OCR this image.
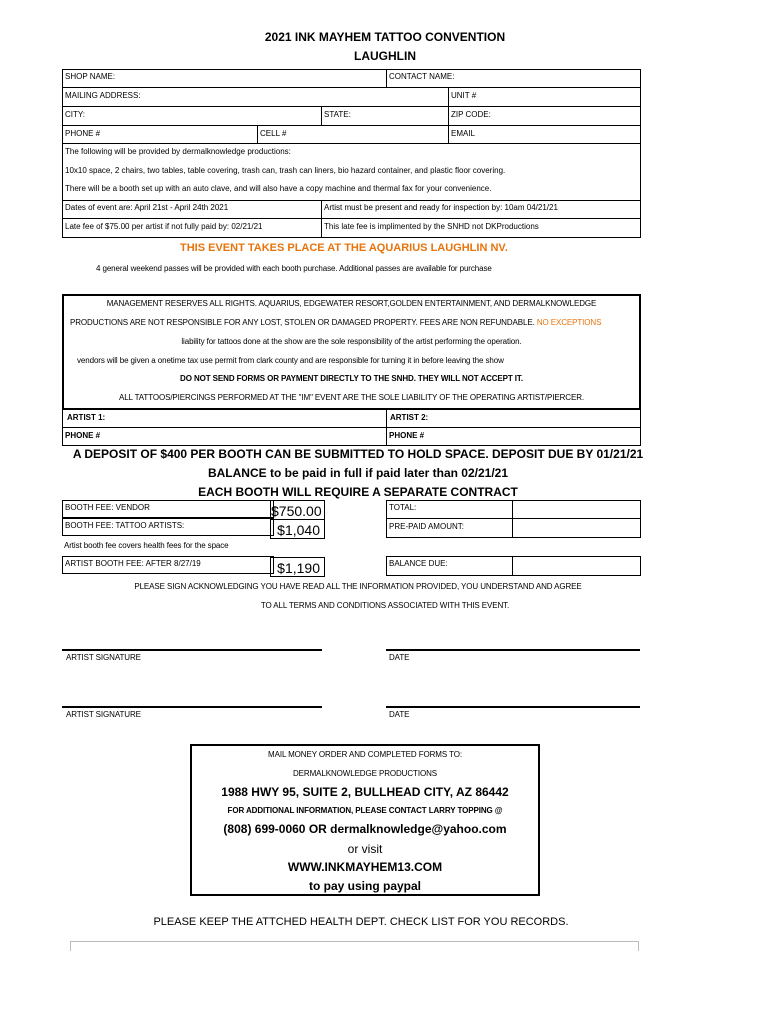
2021 INK MAYHEM TATTOO CONVENTION
LAUGHLIN
SHOP NAME:	CONTACT NAME:
MAILING ADDRESS:	UNIT #
CITY:	STATE:	ZIP CODE:
PHONE #	CELL #	EMAIL
The following will be provided by dermalknowledge productions:
10x10 space, 2 chairs, two tables, table covering, trash can, trash can liners, bio hazard container, and plastic floor covering.
There will be a booth set up with an auto clave, and will also have a copy machine and thermal fax for your convenience.
Dates of event are: April 21st - April 24th 2021	Artist must be present and ready for inspection by: 10am 04/21/21
Late fee of $75.00 per artist if not fully paid by: 02/21/21	This late fee is implimented by the SNHD not DKProductions
THIS EVENT TAKES PLACE AT THE AQUARIUS LAUGHLIN NV.
4 general weekend passes will be provided with each booth purchase. Additional passes are available for purchase
MANAGEMENT RESERVES ALL RIGHTS. AQUARIUS, EDGEWATER RESORT,GOLDEN ENTERTAINMENT, AND DERMALKNOWLEDGE
PRODUCTIONS ARE NOT RESPONSIBLE FOR ANY LOST, STOLEN OR DAMAGED PROPERTY. FEES ARE NON REFUNDABLE. NO EXCEPTIONS
liability for tattoos done at the show are the sole responsibility of the artist performing the operation.
vendors will be given a onetime tax use permit from clark county and are responsible for turning it in before leaving the show
DO NOT SEND FORMS OR PAYMENT DIRECTLY TO THE SNHD. THEY WILL NOT ACCEPT IT.
ALL TATTOOS/PIERCINGS PERFORMED AT THE "IM" EVENT ARE THE SOLE LIABILITY OF THE OPERATING ARTIST/PIERCER.
ARTIST 1:	ARTIST 2:
PHONE #	PHONE #
A DEPOSIT OF $400 PER BOOTH CAN BE SUBMITTED TO HOLD SPACE. DEPOSIT DUE BY 01/21/21
BALANCE to be paid in full if paid later than 02/21/21
EACH BOOTH WILL REQUIRE A SEPARATE CONTRACT
BOOTH FEE: VENDOR	$750.00
BOOTH FEE: TATTOO ARTISTS:	$1,040
Artist booth fee covers health fees for the space
ARTIST BOOTH FEE: AFTER 8/27/19	$1,190
TOTAL:
PRE-PAID AMOUNT:
BALANCE DUE:
PLEASE SIGN ACKNOWLEDGING YOU HAVE READ ALL THE INFORMATION PROVIDED, YOU UNDERSTAND AND AGREE
TO ALL TERMS AND CONDITIONS ASSOCIATED WITH THIS EVENT.
ARTIST SIGNATURE	DATE
ARTIST SIGNATURE	DATE
MAIL MONEY ORDER AND COMPLETED FORMS TO:
DERMALKNOWLEDGE PRODUCTIONS
1988 HWY 95, SUITE 2, BULLHEAD CITY, AZ 86442
FOR ADDITIONAL INFORMATION, PLEASE CONTACT LARRY TOPPING @
(808) 699-0060 OR dermalknowledge@yahoo.com
or visit
WWW.INKMAYHEM13.COM
to pay using paypal
PLEASE KEEP THE ATTCHED HEALTH DEPT. CHECK LIST FOR YOU RECORDS.
